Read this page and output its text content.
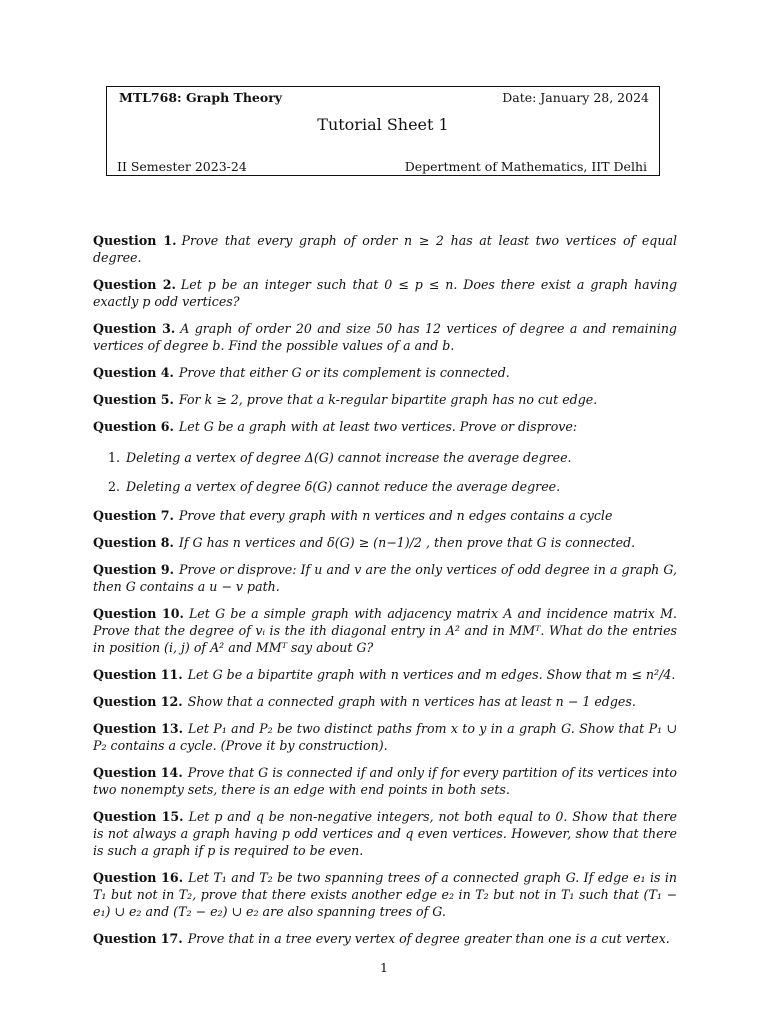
MTL768: Graph Theory	Date: January 28, 2024
Tutorial Sheet 1
II Semester 2023-24	Depertment of Mathematics, IIT Delhi

Question 1. Prove that every graph of order n ≥ 2 has at least two vertices of equal degree.

Question 2. Let p be an integer such that 0 ≤ p ≤ n. Does there exist a graph having exactly p odd vertices?

Question 3. A graph of order 20 and size 50 has 12 vertices of degree a and remaining vertices of degree b. Find the possible values of a and b.

Question 4. Prove that either G or its complement is connected.

Question 5. For k ≥ 2, prove that a k-regular bipartite graph has no cut edge.

Question 6. Let G be a graph with at least two vertices. Prove or disprove:

1. Deleting a vertex of degree Δ(G) cannot increase the average degree.
2. Deleting a vertex of degree δ(G) cannot reduce the average degree.

Question 7. Prove that every graph with n vertices and n edges contains a cycle

Question 8. If G has n vertices and δ(G) ≥ (n−1)/2 , then prove that G is connected.

Question 9. Prove or disprove: If u and v are the only vertices of odd degree in a graph G, then G contains a u − v path.

Question 10. Let G be a simple graph with adjacency matrix A and incidence matrix M. Prove that the degree of vᵢ is the ith diagonal entry in A² and in MMᵀ. What do the entries in position (i, j) of A² and MMᵀ say about G?

Question 11. Let G be a bipartite graph with n vertices and m edges. Show that m ≤ n²/4.

Question 12. Show that a connected graph with n vertices has at least n − 1 edges.

Question 13. Let P₁ and P₂ be two distinct paths from x to y in a graph G. Show that P₁ ∪ P₂ contains a cycle. (Prove it by construction).

Question 14. Prove that G is connected if and only if for every partition of its vertices into two nonempty sets, there is an edge with end points in both sets.

Question 15. Let p and q be non-negative integers, not both equal to 0. Show that there is not always a graph having p odd vertices and q even vertices. However, show that there is such a graph if p is required to be even.

Question 16. Let T₁ and T₂ be two spanning trees of a connected graph G. If edge e₁ is in T₁ but not in T₂, prove that there exists another edge e₂ in T₂ but not in T₁ such that (T₁ − e₁) ∪ e₂ and (T₂ − e₂) ∪ e₂ are also spanning trees of G.

Question 17. Prove that in a tree every vertex of degree greater than one is a cut vertex.

1
